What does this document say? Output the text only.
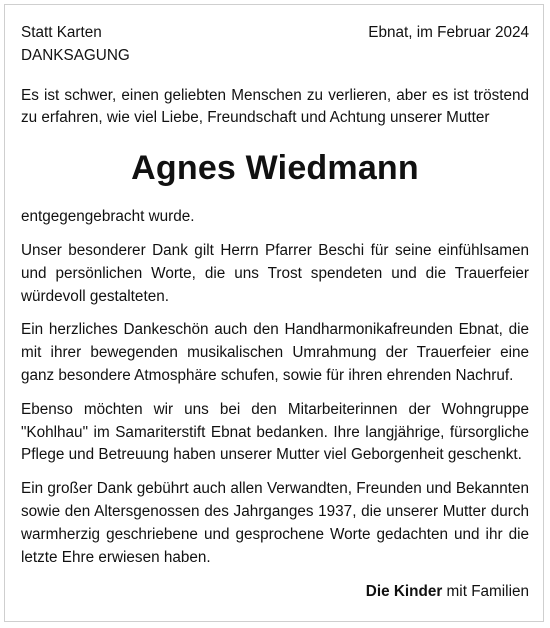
Statt Karten
DANKSAGUNG
Ebnat, im Februar 2024

Es ist schwer, einen geliebten Menschen zu verlieren, aber es ist tröstend zu erfahren, wie viel Liebe, Freundschaft und Achtung unserer Mutter

Agnes Wiedmann

entgegengebracht wurde.

Unser besonderer Dank gilt Herrn Pfarrer Beschi für seine einfühlsamen und persönlichen Worte, die uns Trost spendeten und die Trauerfeier würdevoll gestalteten.

Ein herzliches Dankeschön auch den Handharmonikafreunden Ebnat, die mit ihrer bewegenden musikalischen Umrahmung der Trauerfeier eine ganz besondere Atmosphäre schufen, sowie für ihren ehrenden Nachruf.

Ebenso möchten wir uns bei den Mitarbeiterinnen der Wohngruppe "Kohlhau" im Samariterstift Ebnat bedanken. Ihre langjährige, fürsorgliche Pflege und Betreuung haben unserer Mutter viel Geborgenheit geschenkt.

Ein großer Dank gebührt auch allen Verwandten, Freunden und Bekannten sowie den Altersgenossen des Jahrganges 1937, die unserer Mutter durch warmherzig geschriebene und gesprochene Worte gedachten und ihr die letzte Ehre erwiesen haben.

Die Kinder mit Familien
